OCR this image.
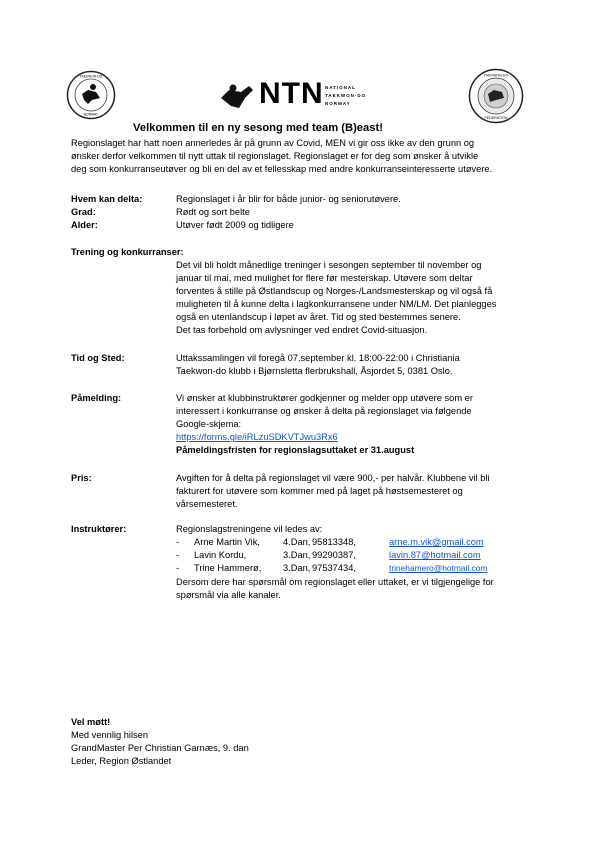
TAEKWON-DO
NORWAY
NTN NATIONAL
TAEKWON-DO
NORWAY
TAEKWON-DO
FEDERATION
Velkommen til en ny sesong med team (B)east!
Regionslaget har hatt noen annerledes år på grunn av Covid, MEN vi gir oss ikke av den grunn og
ønsker derfor velkommen til nytt uttak til regionslaget. Regionslaget er for deg som ønsker å utvikle
deg som konkurranseutøver og bli en del av et fellesskap med andre konkurranseinteresserte utøvere.
Hvem kan delta:	Regionslaget i år blir for både junior- og seniorutøvere.
Grad:	Rødt og sort belte
Alder:	Utøver født 2009 og tidligere
Trening og konkurranser:
Det vil bli holdt månedlige treninger i sesongen september til november og
januar til mai, med mulighet for flere før mesterskap. Utøvere som deltar
forventes å stille på Østlandscup og Norges-/Landsmesterskap og vil også få
muligheten til å kunne delta i lagkonkurransene under NM/LM. Det planlegges
også en utenlandscup i løpet av året. Tid og sted bestemmes senere.
Det tas forbehold om avlysninger ved endret Covid-situasjon.
Tid og Sted:	Uttakssamlingen vil foregå 07.september kl. 18:00-22:00 i Christiania
Taekwon-do klubb i Bjørnsletta flerbrukshall, Åsjordet 5, 0381 Oslo.
Påmelding:	Vi ønsker at klubbinstruktører godkjenner og melder opp utøvere som er
interessert i konkurranse og ønsker å delta på regionslaget via følgende
Google-skjema:
https://forms.gle/iRLzuSDKVTJwu3Rx6
Påmeldingsfristen for regionslagsuttaket er 31.august
Pris:	Avgiften for å delta på regionslaget vil være 900,- per halvår. Klubbene vil bli
fakturert for utøvere som kommer med på laget på høstsemesteret og
vårsemesteret.
Instruktører:	Regionslagstreningene vil ledes av:
- Arne Martin Vik, 4.Dan, 95813348,	arne.m.vik@gmail.com
- Lavin Kordu,	3.Dan, 99290387,	lavin.87@hotmail.com
- Trine Hammerø, 3.Dan, 97537434,	trinehamero@hotmail.com
Dersom dere har spørsmål om regionslaget eller uttaket, er vi tilgjengelige for
spørsmål via alle kanaler.
Vel møtt!
Med vennlig hilsen
GrandMaster Per Christian Garnæs, 9. dan
Leder, Region Østlandet
